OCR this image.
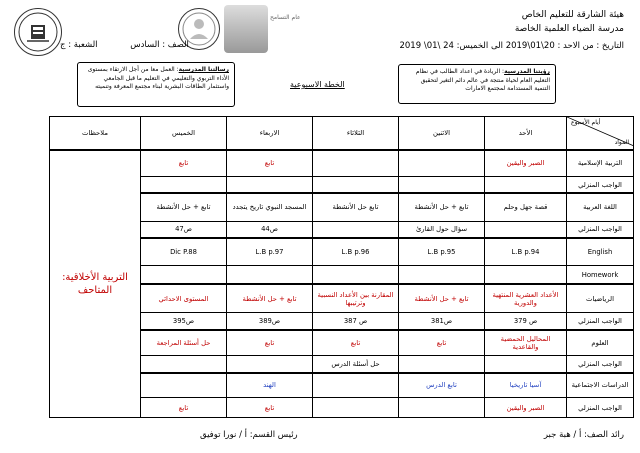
عام التسامح	هيئة الشارقة للتعليم الخاص
مدرسة الضياء العلمية الخاصة
التاريخ : من الاحد : 20\01\2019 الى الخميس: 24 \01\ 2019
الصف : السادس الشعبة : ج
رسالتنا المدرسية: العمل معا من أجل الارتقاء بمستوى الأداء التربوي والتعليمي في التعليم ما قبل الجامعي واستثمار الطاقات البشرية لبناء مجتمع المعرفة وتنميته
رؤيتنا المدرسية: الريادة في اعداد الطالب في نظام التعليم العام لحياة منتجة في عالم دائم التغير لتحقيق التنمية المستدامة لمجتمع الامارات
الخطة الاسبوعية
أيام الأسبوع
المواد	الأحد	الاثنين	الثلاثاء	الاربعاء	الخميس	ملاحظات
التربية الإسلامية	الصبر واليقين			تابع	تابع	التربية الأخلاقية: المتاحف

الواجب المنزلي						
اللغة العربية	قصة جهل وحلم	تابع + حل الأنشطة	تابع حل الأنشطة	المسجد النبوي تاريخ يتجدد	تابع + حل الأنشطة	
الواجب المنزلي		سؤال حول القارئ		ص44	ص47	
English	L.B p.94	L.B p.95	L.B p.96	L.B p.97	Dic P.88	
Homework						
الرياضيات	الأعداد العشرية المنتهية والدورية	تابع + حل الأنشطة	المقارنة بين الأعداد النسبية وترتيبها	تابع + حل الأنشطة	المستوى الاحداثي	
الواجب المنزلي	ص 379	ص381	ص 387	ص389	ص395	
العلوم	المحاليل الحمضية والقاعدية	تابع	تابع	تابع	حل أسئلة المراجعة	
الواجب المنزلي			حل أسئلة الدرس			
الدراسات الاجتماعية	آسيا تاريخيا	تابع الدرس		الهند		
الواجب المنزلي	الصبر واليقين			تابع	تابع	
رائد الصف: أ / هبة جبر
رئيس القسم: أ / نورا توفيق
